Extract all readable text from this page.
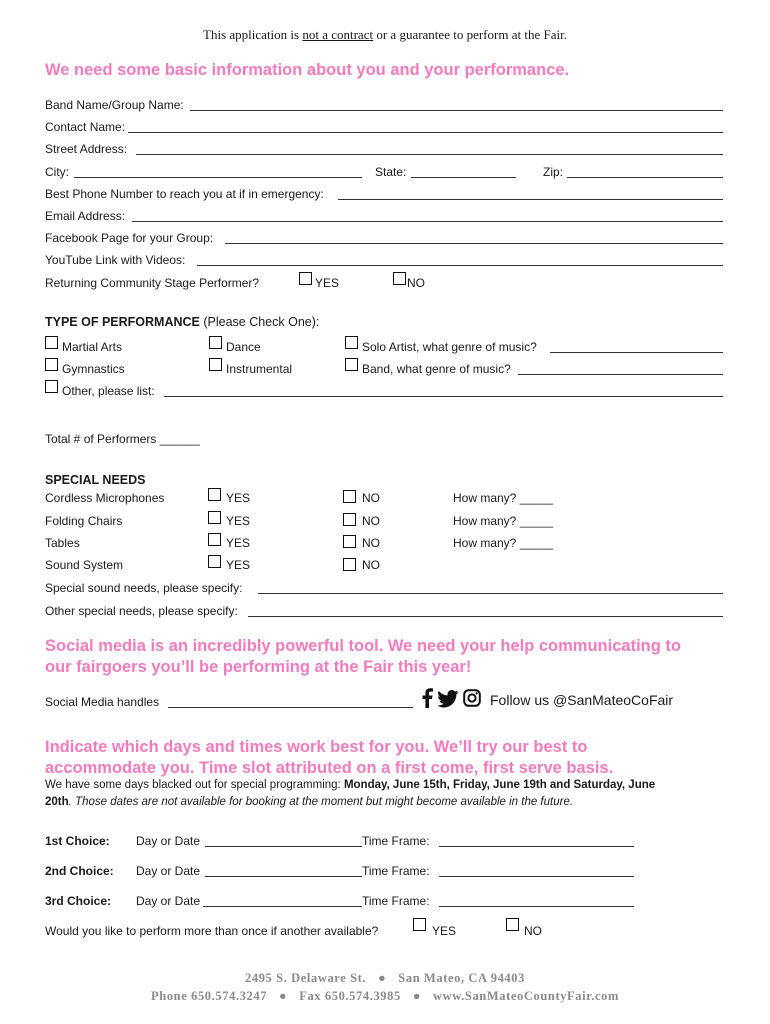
This application is not a contract or a guarantee to perform at the Fair.
We need some basic information about you and your performance.
Band Name/Group Name:
Contact Name:
Street Address:
City:	State:	Zip:
Best Phone Number to reach you at if in emergency:
Email Address:
Facebook Page for your Group:
YouTube Link with Videos:
Returning Community Stage Performer?	YES	NO
TYPE OF PERFORMANCE (Please Check One):
Martial Arts	Dance	Solo Artist, what genre of music?
Gymnastics	Instrumental	Band, what genre of music?
Other, please list:
Total # of Performers ______
SPECIAL NEEDS
Cordless Microphones	YES	NO	How many? _____
Folding Chairs	YES	NO	How many? _____
Tables	YES	NO	How many? _____
Sound System	YES	NO
Special sound needs, please specify:
Other special needs, please specify:
Social media is an incredibly powerful tool. We need your help communicating to
our fairgoers you’ll be performing at the Fair this year!
Social Media handles	Follow us @SanMateoCoFair
Indicate which days and times work best for you. We’ll try our best to
accommodate you. Time slot attributed on a first come, first serve basis.
We have some days blacked out for special programming: Monday, June 15th, Friday, June 19th and Saturday, June
20th. Those dates are not available for booking at the moment but might become available in the future.
1st Choice: Day or Date	Time Frame:
2nd Choice: Day or Date	Time Frame:
3rd Choice: Day or Date	Time Frame:
Would you like to perform more than once if another available?	YES	NO
2495 S. Delaware St. ● San Mateo, CA 94403
Phone 650.574.3247 ● Fax 650.574.3985 ● www.SanMateoCountyFair.com
